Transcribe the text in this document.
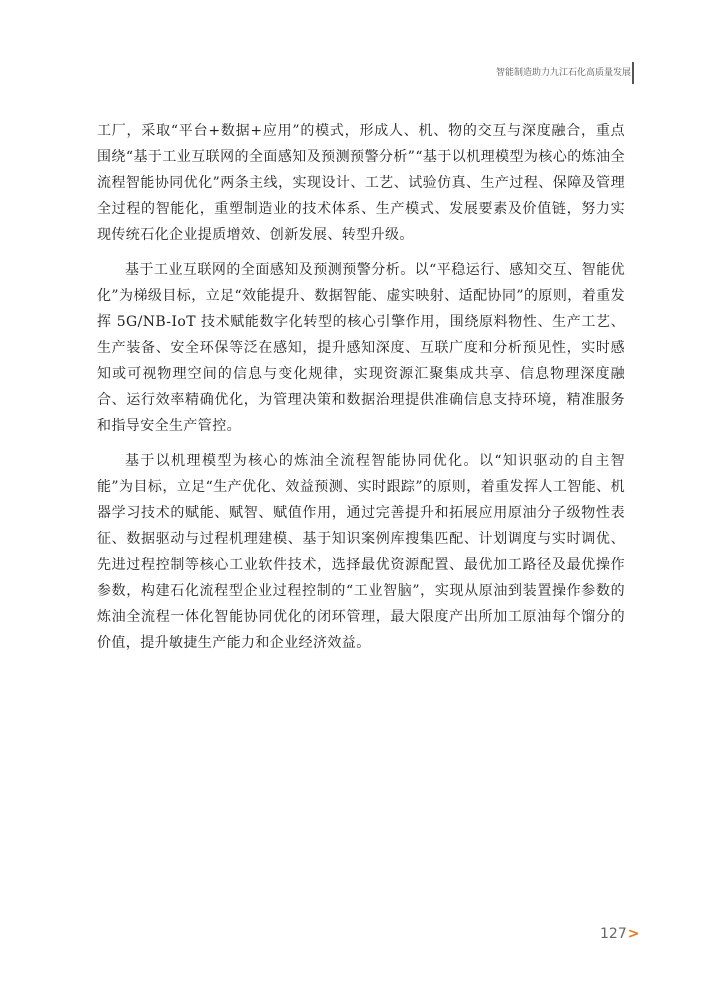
智能制造助力九江石化高质量发展

工厂，采取“平台+数据+应用”的模式，形成人、机、物的交互与深度融合，重点围绕“基于工业互联网的全面感知及预测预警分析”“基于以机理模型为核心的炼油全流程智能协同优化”两条主线，实现设计、工艺、试验仿真、生产过程、保障及管理全过程的智能化，重塑制造业的技术体系、生产模式、发展要素及价值链，努力实现传统石化企业提质增效、创新发展、转型升级。

基于工业互联网的全面感知及预测预警分析。以“平稳运行、感知交互、智能优化”为梯级目标，立足“效能提升、数据智能、虚实映射、适配协同”的原则，着重发挥 5G/NB-IoT 技术赋能数字化转型的核心引擎作用，围绕原料物性、生产工艺、生产装备、安全环保等泛在感知，提升感知深度、互联广度和分析预见性，实时感知或可视物理空间的信息与变化规律，实现资源汇聚集成共享、信息物理深度融合、运行效率精确优化，为管理决策和数据治理提供准确信息支持环境，精准服务和指导安全生产管控。

基于以机理模型为核心的炼油全流程智能协同优化。以“知识驱动的自主智能”为目标，立足“生产优化、效益预测、实时跟踪”的原则，着重发挥人工智能、机器学习技术的赋能、赋智、赋值作用，通过完善提升和拓展应用原油分子级物性表征、数据驱动与过程机理建模、基于知识案例库搜集匹配、计划调度与实时调优、先进过程控制等核心工业软件技术，选择最优资源配置、最优加工路径及最优操作参数，构建石化流程型企业过程控制的“工业智脑”，实现从原油到装置操作参数的炼油全流程一体化智能协同优化的闭环管理，最大限度产出所加工原油每个馏分的价值，提升敏捷生产能力和企业经济效益。

127>
